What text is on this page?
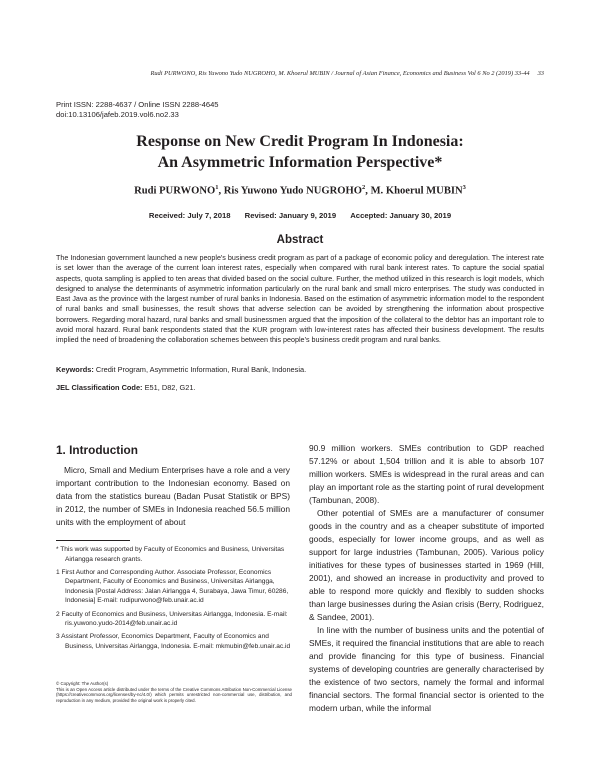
Rudi PURWONO, Ris Yuwono Yudo NUGROHO, M. Khoerul MUBIN / Journal of Asian Finance, Economics and Business Vol 6 No 2 (2019) 33-44 33
Print ISSN: 2288-4637 / Online ISSN 2288-4645
doi:10.13106/jafeb.2019.vol6.no2.33
Response on New Credit Program In Indonesia:
An Asymmetric Information Perspective*
Rudi PURWONO$^1$, Ris Yuwono Yudo NUGROHO$^2$, M. Khoerul MUBIN$^3$
Received: July 7, 2018 Revised: January 9, 2019 Accepted: January 30, 2019
Abstract

The Indonesian government launched a new people's business credit program as part of a package of economic policy and deregulation. The interest rate is set lower than the average of the current loan interest rates, especially when compared with rural bank interest rates. To capture the social spatial aspects, quota sampling is applied to ten areas that divided based on the social culture. Further, the method utilized in this research is logit models, which designed to analyse the determinants of asymmetric information particularly on the rural bank and small micro enterprises. The study was conducted in East Java as the province with the largest number of rural banks in Indonesia. Based on the estimation of asymmetric information model to the respondent of rural banks and small businesses, the result shows that adverse selection can be avoided by strengthening the information about prospective borrowers. Regarding moral hazard, rural banks and small businessmen argued that the imposition of the collateral to the debtor has an important role to avoid moral hazard. Rural bank respondents stated that the KUR program with low-interest rates has affected their business development. The results implied the need of broadening the collaboration schemes between this people’s business credit program and rural banks.

Keywords: Credit Program, Asymmetric Information, Rural Bank, Indonesia.
JEL Classification Code: E51, D82, G21.
1. Introduction

Micro, Small and Medium Enterprises have a role and a very important contribution to the Indonesian economy. Based on data from the statistics bureau (Badan Pusat Statistik or BPS) in 2012, the number of SMEs in Indonesia reached 56.5 million units with the employment of about

* This work was supported by Faculty of Economics and Business, Universitas Airlangga research grants.
1 First Author and Corresponding Author. Associate Professor, Economics Department, Faculty of Economics and Business, Universitas Airlangga, Indonesia [Postal Address: Jalan Airlangga 4, Surabaya, Jawa Timur, 60286, Indonesia] E-mail: rudipurwono@feb.unair.ac.id
2 Faculty of Economics and Business, Universitas Airlangga, Indonesia. E-mail: ris.yuwono.yudo-2014@feb.unair.ac.id
3 Assistant Professor, Economics Department, Faculty of Economics and Business, Universitas Airlangga, Indonesia. E-mail: mkmubin@feb.unair.ac.id
© Copyright: The Author(s)
This is an Open Access article distributed under the terms of the Creative Commons Attribution Non-Commercial License (https://creativecommons.org/licenses/by-nc/4.0/) which permits unrestricted non-commercial use, distribution, and reproduction in any medium, provided the original work is properly cited.

90.9 million workers. SMEs contribution to GDP reached 57.12% or about 1,504 trillion and it is able to absorb 107 million workers. SMEs is widespread in the rural areas and can play an important role as the starting point of rural development (Tambunan, 2008).

Other potential of SMEs are a manufacturer of consumer goods in the country and as a cheaper substitute of imported goods, especially for lower income groups, and as well as support for large industries (Tambunan, 2005). Various policy initiatives for these types of businesses started in 1969 (Hill, 2001), and showed an increase in productivity and proved to able to respond more quickly and flexibly to sudden shocks than large businesses during the Asian crisis (Berry, Rodriguez, & Sandee, 2001).

In line with the number of business units and the potential of SMEs, it required the financial institutions that are able to reach and provide financing for this type of business. Financial systems of developing countries are generally characterised by the existence of two sectors, namely the formal and informal financial sectors. The formal financial sector is oriented to the modern urban, while the informal
